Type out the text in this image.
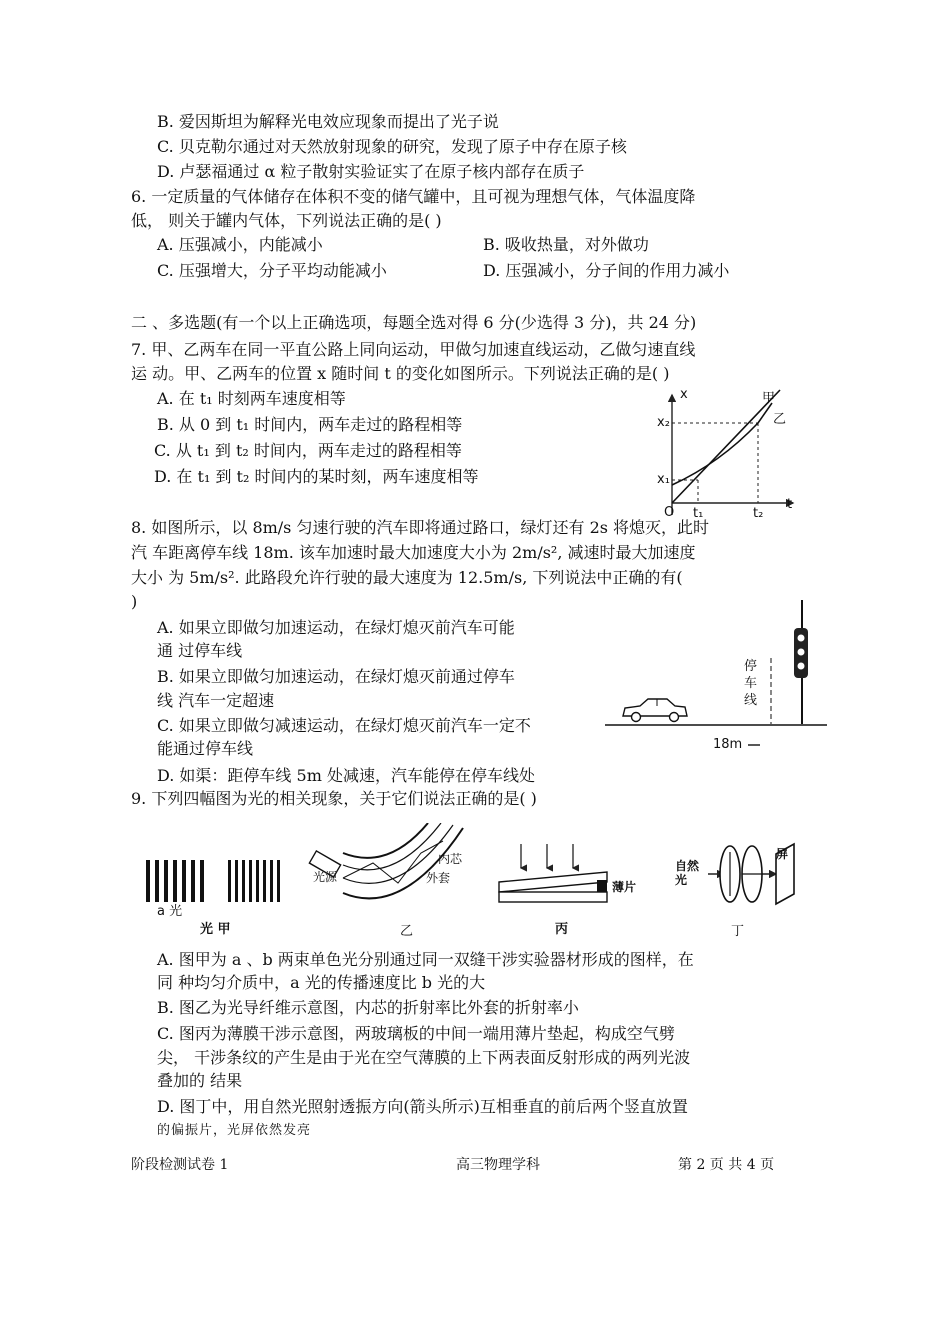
B. 爱因斯坦为解释光电效应现象而提出了光子说
C. 贝克勒尔通过对天然放射现象的研究，发现了原子中存在原子核
D. 卢瑟福通过 α 粒子散射实验证实了在原子核内部存在质子
6. 一定质量的气体储存在体积不变的储气罐中，且可视为理想气体，气体温度降
低， 则关于罐内气体，下列说法正确的是( )
A. 压强减小，内能减小	B. 吸收热量，对外做功
C. 压强增大，分子平均动能减小	D. 压强减小，分子间的作用力减小
二 、多选题(有一个以上正确选项，每题全选对得 6 分(少选得 3 分)，共 24 分)
7. 甲、乙两车在同一平直公路上同向运动，甲做匀加速直线运动，乙做匀速直线
运 动。甲、乙两车的位置 x 随时间 t 的变化如图所示。下列说法正确的是( )
A. 在 t₁ 时刻两车速度相等
B. 从 0 到 t₁ 时间内，两车走过的路程相等
C. 从 t₁ 到 t₂ 时间内，两车走过的路程相等
D. 在 t₁ 到 t₂ 时间内的某时刻，两车速度相等
x	甲
乙
x₂
x₁
O t₁	t₂
t
8. 如图所示，以 8m/s 匀速行驶的汽车即将通过路口，绿灯还有 2s 将熄灭，此时
汽 车距离停车线 18m. 该车加速时最大加速度大小为 2m/s², 减速时最大加速度
大小 为 5m/s². 此路段允许行驶的最大速度为 12.5m/s, 下列说法中正确的有(
)
A. 如果立即做匀加速运动，在绿灯熄灭前汽车可能
通 过停车线
B. 如果立即做匀加速运动，在绿灯熄灭前通过停车
线 汽车一定超速
C. 如果立即做匀减速运动，在绿灯熄灭前汽车一定不
能通过停车线
D. 如渠：距停车线 5m 处减速，汽车能停在停车线处
停车线
18m
9. 下列四幅图为光的相关现象，关于它们说法正确的是( )
a 光
光 甲
光源
内芯
外套
乙
薄片
丙
自然光
屏
丁
A. 图甲为 a 、b 两束单色光分别通过同一双缝干涉实验器材形成的图样，在
同 种均匀介质中，a 光的传播速度比 b 光的大
B. 图乙为光导纤维示意图，内芯的折射率比外套的折射率小
C. 图丙为薄膜干涉示意图，两玻璃板的中间一端用薄片垫起，构成空气劈
尖， 干涉条纹的产生是由于光在空气薄膜的上下两表面反射形成的两列光波
叠加的 结果
D. 图丁中，用自然光照射透振方向(箭头所示)互相垂直的前后两个竖直放置
的偏振片，光屏依然发亮
阶段检测试卷 1	高三物理学科	第 2 页 共 4 页
